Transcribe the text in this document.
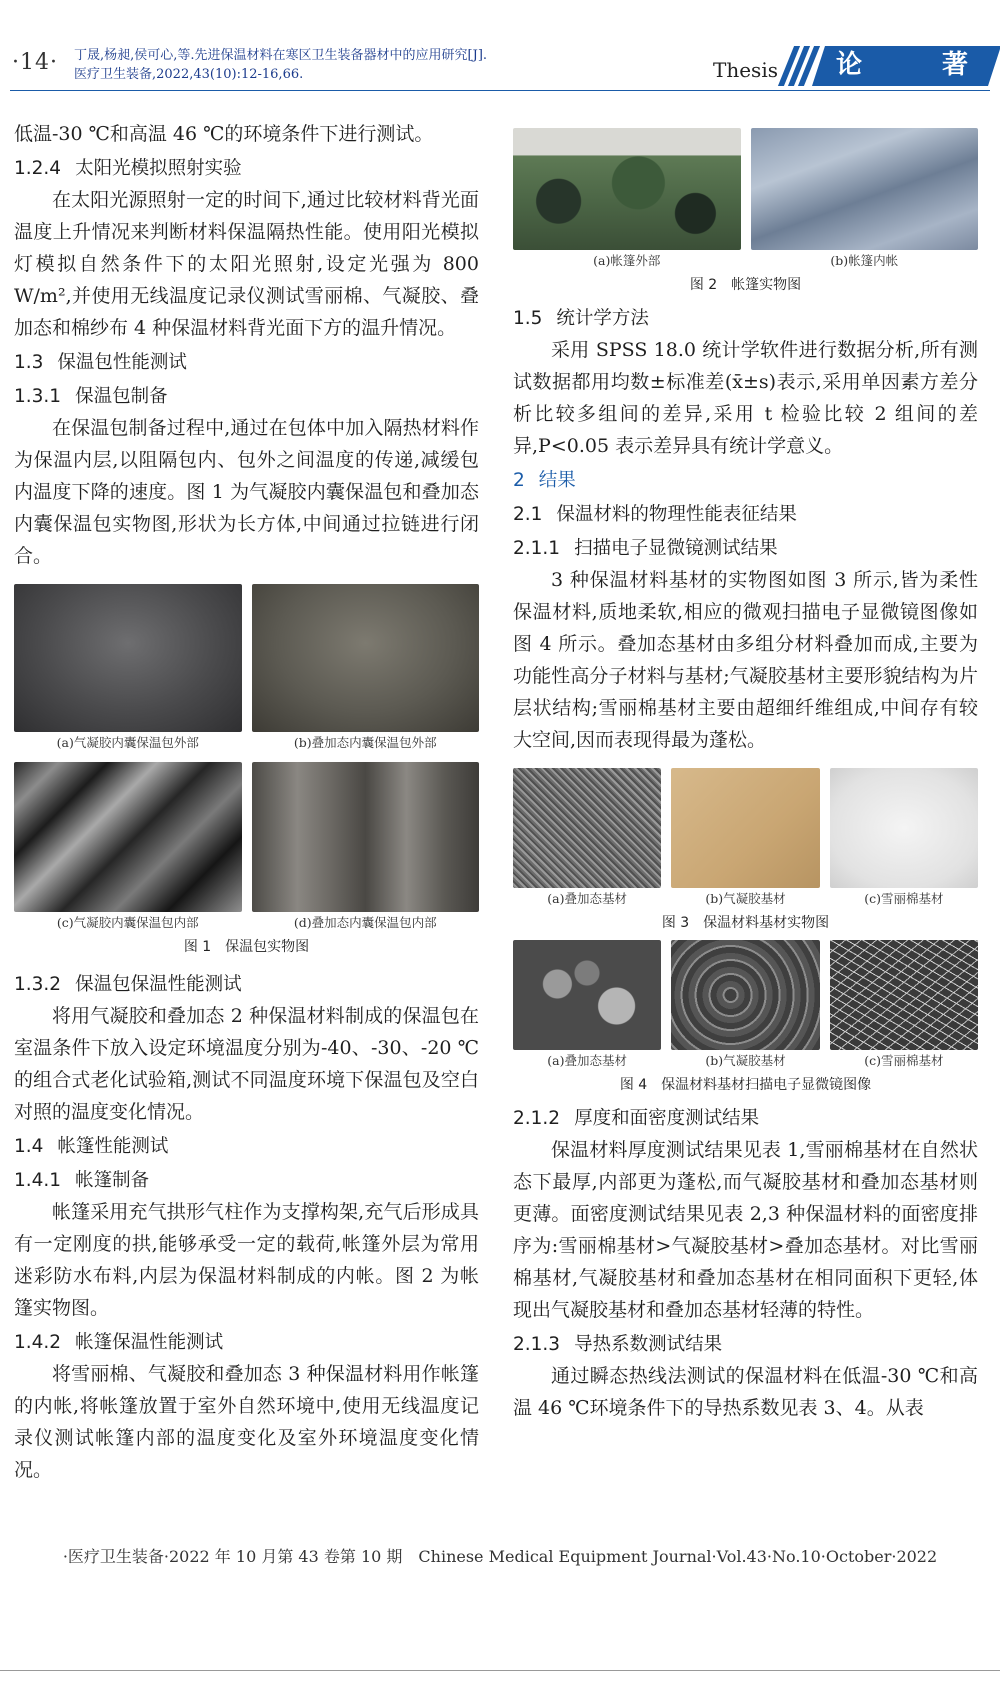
·14· 丁晟,杨昶,侯可心,等.先进保温材料在寒区卫生装备器材中的应用研究[J].
医疗卫生装备,2022,43(10):12-16,66.	Thesis 论	著

低温-30 ℃和高温 46 ℃的环境条件下进行测试。

1.2.4 太阳光模拟照射实验

在太阳光源照射一定的时间下,通过比较材料背光面温度上升情况来判断材料保温隔热性能。使用阳光模拟灯模拟自然条件下的太阳光照射,设定光强为 800 W/m²,并使用无线温度记录仪测试雪丽棉、气凝胶、叠加态和棉纱布 4 种保温材料背光面下方的温升情况。

1.3 保温包性能测试
1.3.1 保温包制备

在保温包制备过程中,通过在包体中加入隔热材料作为保温内层,以阻隔包内、包外之间温度的传递,减缓包内温度下降的速度。图 1 为气凝胶内囊保温包和叠加态内囊保温包实物图,形状为长方体,中间通过拉链进行闭合。

(a)气凝胶内囊保温包外部	(b)叠加态内囊保温包外部
(c)气凝胶内囊保温包内部	(d)叠加态内囊保温包内部
图 1　保温包实物图
1.3.2 保温包保温性能测试

将用气凝胶和叠加态 2 种保温材料制成的保温包在室温条件下放入设定环境温度分别为-40、-30、-20 ℃的组合式老化试验箱,测试不同温度环境下保温包及空白对照的温度变化情况。

1.4 帐篷性能测试
1.4.1 帐篷制备

帐篷采用充气拱形气柱作为支撑构架,充气后形成具有一定刚度的拱,能够承受一定的载荷,帐篷外层为常用迷彩防水布料,内层为保温材料制成的内帐。图 2 为帐篷实物图。

1.4.2 帐篷保温性能测试

将雪丽棉、气凝胶和叠加态 3 种保温材料用作帐篷的内帐,将帐篷放置于室外自然环境中,使用无线温度记录仪测试帐篷内部的温度变化及室外环境温度变化情况。

(a)帐篷外部	(b)帐篷内帐
图 2　帐篷实物图
1.5 统计学方法

采用 SPSS 18.0 统计学软件进行数据分析,所有测试数据都用均数±标准差(x̄±s)表示,采用单因素方差分析比较多组间的差异,采用 t 检验比较 2 组间的差异,P<0.05 表示差异具有统计学意义。

2 结果
2.1 保温材料的物理性能表征结果
2.1.1 扫描电子显微镜测试结果

3 种保温材料基材的实物图如图 3 所示,皆为柔性保温材料,质地柔软,相应的微观扫描电子显微镜图像如图 4 所示。叠加态基材由多组分材料叠加而成,主要为功能性高分子材料与基材;气凝胶基材主要形貌结构为片层状结构;雪丽棉基材主要由超细纤维组成,中间存有较大空间,因而表现得最为蓬松。

(a)叠加态基材	(b)气凝胶基材	(c)雪丽棉基材
图 3　保温材料基材实物图
(a)叠加态基材	(b)气凝胶基材	(c)雪丽棉基材
图 4　保温材料基材扫描电子显微镜图像
2.1.2 厚度和面密度测试结果

保温材料厚度测试结果见表 1,雪丽棉基材在自然状态下最厚,内部更为蓬松,而气凝胶基材和叠加态基材则更薄。面密度测试结果见表 2,3 种保温材料的面密度排序为:雪丽棉基材>气凝胶基材>叠加态基材。对比雪丽棉基材,气凝胶基材和叠加态基材在相同面积下更轻,体现出气凝胶基材和叠加态基材轻薄的特性。

2.1.3 导热系数测试结果

通过瞬态热线法测试的保温材料在低温-30 ℃和高温 46 ℃环境条件下的导热系数见表 3、4。从表

·医疗卫生装备·2022 年 10 月第 43 卷第 10 期　Chinese Medical Equipment Journal·Vol.43·No.10·October·2022
